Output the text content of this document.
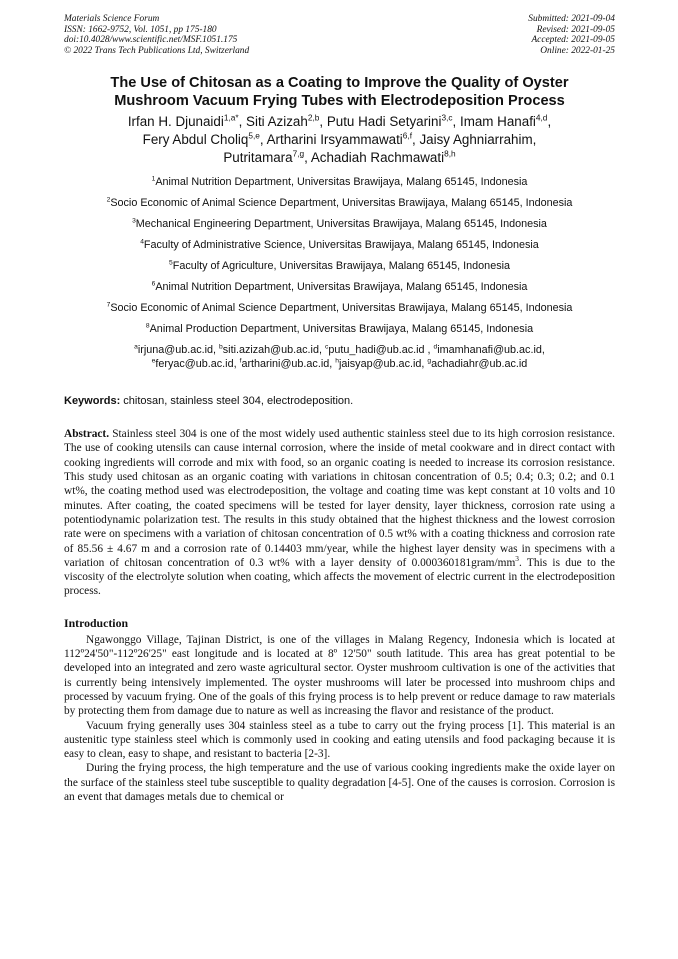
Materials Science Forum
ISSN: 1662-9752, Vol. 1051, pp 175-180
doi:10.4028/www.scientific.net/MSF.1051.175
© 2022 Trans Tech Publications Ltd, Switzerland
Submitted: 2021-09-04
Revised: 2021-09-05
Accepted: 2021-09-05
Online: 2022-01-25
The Use of Chitosan as a Coating to Improve the Quality of Oyster
Mushroom Vacuum Frying Tubes with Electrodeposition Process
Irfan H. Djunaidi$^{1,a*}$, Siti Azizah$^{2,b}$, Putu Hadi Setyarini$^{3,c}$, Imam Hanafi$^{4,d}$,
Fery Abdul Choliq$^{5,e}$, Artharini Irsyammawati$^{6,f}$, Jaisy Aghniarrahim,
Putritamara$^{7,g}$, Achadiah Rachmawati$^{8,h}$
$^1$Animal Nutrition Department, Universitas Brawijaya, Malang 65145, Indonesia
$^2$Socio Economic of Animal Science Department, Universitas Brawijaya, Malang 65145, Indonesia
$^3$Mechanical Engineering Department, Universitas Brawijaya, Malang 65145, Indonesia
$^4$Faculty of Administrative Science, Universitas Brawijaya, Malang 65145, Indonesia
$^5$Faculty of Agriculture, Universitas Brawijaya, Malang 65145, Indonesia
$^6$Animal Nutrition Department, Universitas Brawijaya, Malang 65145, Indonesia
$^7$Socio Economic of Animal Science Department, Universitas Brawijaya, Malang 65145, Indonesia
$^8$Animal Production Department, Universitas Brawijaya, Malang 65145, Indonesia
$^a$irjuna@ub.ac.id, $^b$siti.azizah@ub.ac.id, $^c$putu_hadi@ub.ac.id , $^d$imamhanafi@ub.ac.id,
$^e$feryac@ub.ac.id, $^f$artharini@ub.ac.id, $^h$jaisyap@ub.ac.id, $^g$achadiahr@ub.ac.id
Keywords: chitosan, stainless steel 304, electrodeposition.
Abstract. Stainless steel 304 is one of the most widely used authentic stainless steel due to its high corrosion resistance. The use of cooking utensils can cause internal corrosion, where the inside of metal cookware and in direct contact with cooking ingredients will corrode and mix with food, so an organic coating is needed to increase its corrosion resistance. This study used chitosan as an organic coating with variations in chitosan concentration of 0.5; 0.4; 0.3; 0.2; and 0.1 wt%, the coating method used was electrodeposition, the voltage and coating time was kept constant at 10 volts and 10 minutes. After coating, the coated specimens will be tested for layer density, layer thickness, corrosion rate using a potentiodynamic polarization test. The results in this study obtained that the highest thickness and the lowest corrosion rate were on specimens with a variation of chitosan concentration of 0.5 wt% with a coating thickness and corrosion rate of 85.56 ± 4.67 m and a corrosion rate of 0.14403 mm/year, while the highest layer density was in specimens with a variation of chitosan concentration of 0.3 wt% with a layer density of $0.000360181gram/mm^3$. This is due to the viscosity of the electrolyte solution when coating, which affects the movement of electric current in the electrodeposition process.
Introduction
Ngawonggo Village, Tajinan District, is one of the villages in Malang Regency, Indonesia which is located at 112º24'50"-112º26'25" east longitude and is located at 8º 12'50" south latitude. This area has great potential to be developed into an integrated and zero waste agricultural sector. Oyster mushroom cultivation is one of the activities that is currently being intensively implemented. The oyster mushrooms will later be processed into mushroom chips and processed by vacuum frying. One of the goals of this frying process is to help prevent or reduce damage to raw materials by protecting them from damage due to nature as well as increasing the flavor and resistance of the product.
Vacuum frying generally uses 304 stainless steel as a tube to carry out the frying process [1]. This material is an austenitic type stainless steel which is commonly used in cooking and eating utensils and food packaging because it is easy to clean, easy to shape, and resistant to bacteria [2-3].
During the frying process, the high temperature and the use of various cooking ingredients make the oxide layer on the surface of the stainless steel tube susceptible to quality degradation [4-5]. One of the causes is corrosion. Corrosion is an event that damages metals due to chemical or
